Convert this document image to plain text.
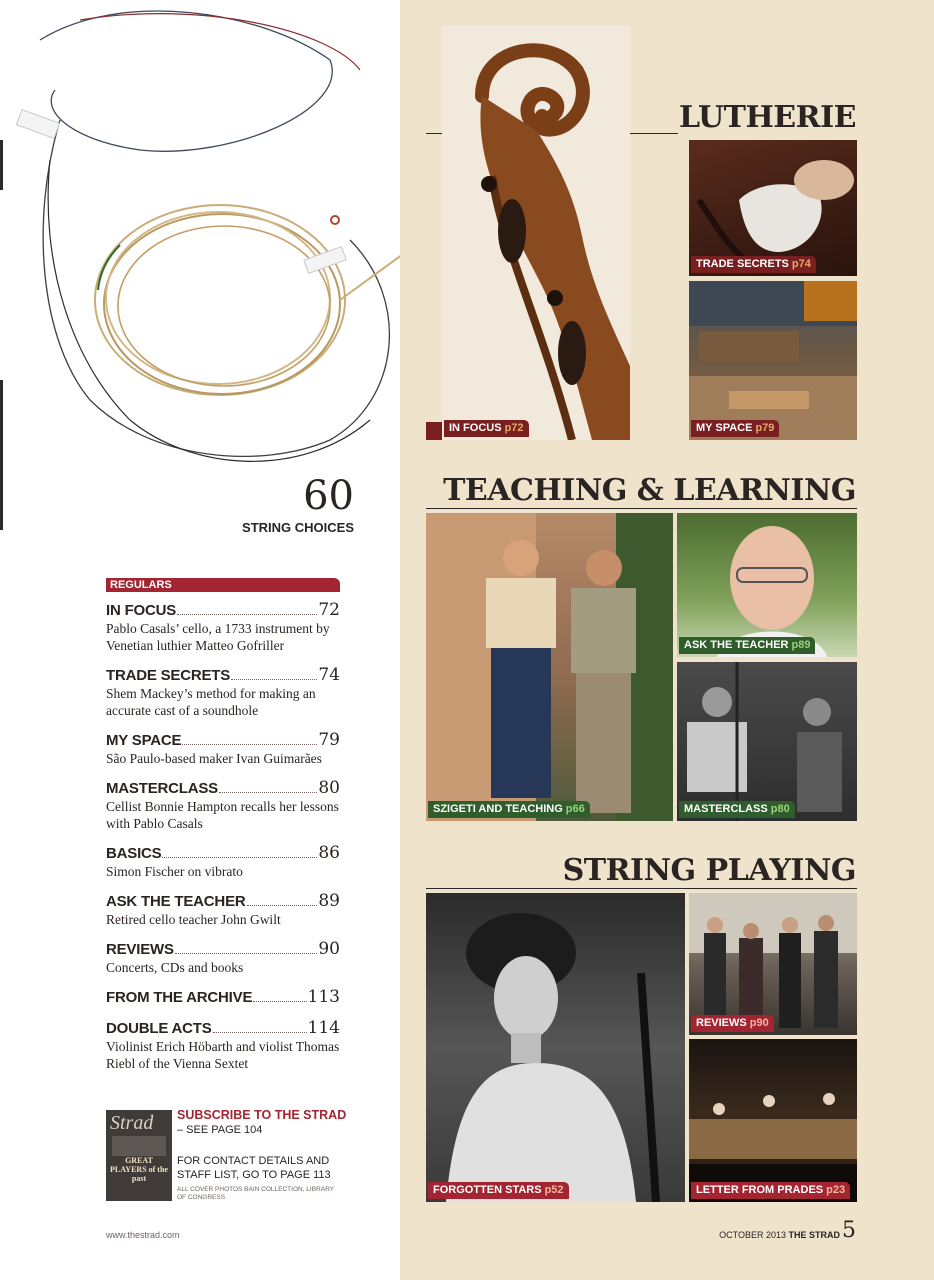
60
STRING CHOICES
REGULARS
IN FOCUS	72
Pablo Casals’ cello, a 1733 instrument by Venetian luthier Matteo Gofriller
TRADE SECRETS	74
Shem Mackey’s method for making an accurate cast of a soundhole
MY SPACE	79
São Paulo-based maker Ivan Guimarães
MASTERCLASS	80
Cellist Bonnie Hampton recalls her lessons with Pablo Casals
BASICS	86
Simon Fischer on vibrato
ASK THE TEACHER	89
Retired cello teacher John Gwilt
REVIEWS	90
Concerts, CDs and books
FROM THE ARCHIVE	113
DOUBLE ACTS	114
Violinist Erich Höbarth and violist Thomas Riebl of the Vienna Sextet
Strad
GREAT PLAYERS of the past
SUBSCRIBE TO THE STRAD
– SEE PAGE 104
FOR CONTACT DETAILS AND STAFF LIST, GO TO PAGE 113
ALL COVER PHOTOS BAIN COLLECTION, LIBRARY OF CONGRESS
www.thestrad.com
LUTHERIE
IN FOCUS p72
TRADE SECRETS p74
MY SPACE p79
TEACHING & LEARNING
SZIGETI AND TEACHING p66
ASK THE TEACHER p89
MASTERCLASS p80
STRING PLAYING
FORGOTTEN STARS p52
REVIEWS p90
LETTER FROM PRADES p23
OCTOBER 2013 THE STRAD 5
